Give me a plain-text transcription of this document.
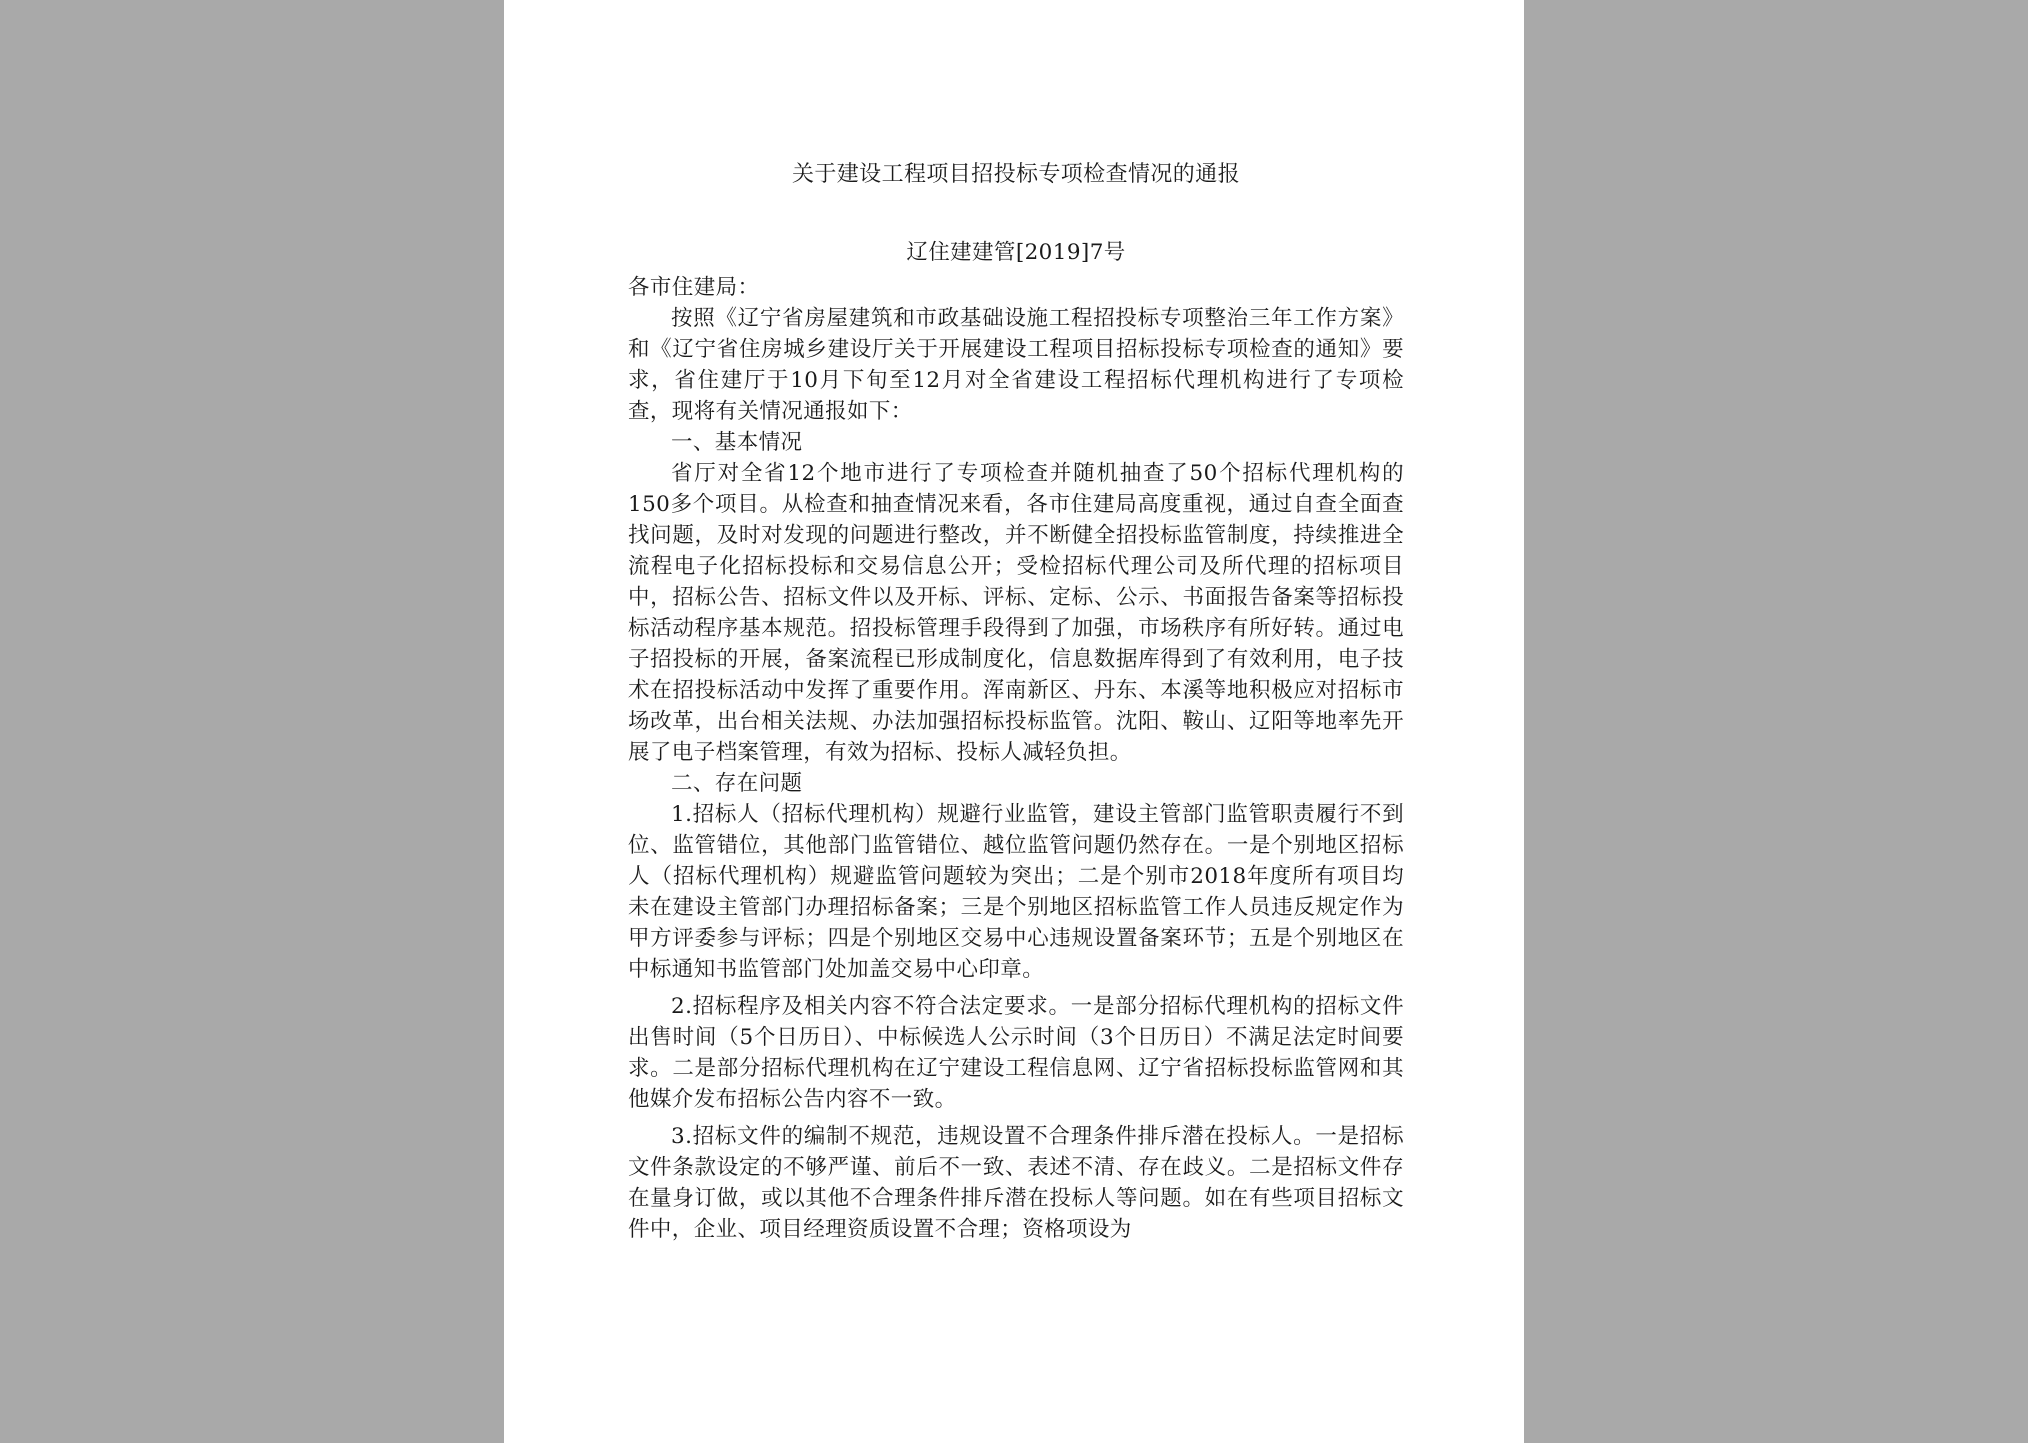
关于建设工程项目招投标专项检查情况的通报

辽住建建管[2019]7号

各市住建局：

按照《辽宁省房屋建筑和市政基础设施工程招投标专项整治三年工作方案》和《辽宁省住房城乡建设厅关于开展建设工程项目招标投标专项检查的通知》要求，省住建厅于10月下旬至12月对全省建设工程招标代理机构进行了专项检查，现将有关情况通报如下：

一、基本情况

省厅对全省12个地市进行了专项检查并随机抽查了50个招标代理机构的150多个项目。从检查和抽查情况来看，各市住建局高度重视，通过自查全面查找问题，及时对发现的问题进行整改，并不断健全招投标监管制度，持续推进全流程电子化招标投标和交易信息公开；受检招标代理公司及所代理的招标项目中，招标公告、招标文件以及开标、评标、定标、公示、书面报告备案等招标投标活动程序基本规范。招投标管理手段得到了加强，市场秩序有所好转。通过电子招投标的开展，备案流程已形成制度化，信息数据库得到了有效利用，电子技术在招投标活动中发挥了重要作用。浑南新区、丹东、本溪等地积极应对招标市场改革，出台相关法规、办法加强招标投标监管。沈阳、鞍山、辽阳等地率先开展了电子档案管理，有效为招标、投标人减轻负担。

二、存在问题

1.招标人（招标代理机构）规避行业监管，建设主管部门监管职责履行不到位、监管错位，其他部门监管错位、越位监管问题仍然存在。一是个别地区招标人（招标代理机构）规避监管问题较为突出；二是个别市2018年度所有项目均未在建设主管部门办理招标备案；三是个别地区招标监管工作人员违反规定作为甲方评委参与评标；四是个别地区交易中心违规设置备案环节；五是个别地区在中标通知书监管部门处加盖交易中心印章。

2.招标程序及相关内容不符合法定要求。一是部分招标代理机构的招标文件出售时间（5个日历日）、中标候选人公示时间（3个日历日）不满足法定时间要求。二是部分招标代理机构在辽宁建设工程信息网、辽宁省招标投标监管网和其他媒介发布招标公告内容不一致。

3.招标文件的编制不规范，违规设置不合理条件排斥潜在投标人。一是招标文件条款设定的不够严谨、前后不一致、表述不清、存在歧义。二是招标文件存在量身订做，或以其他不合理条件排斥潜在投标人等问题。如在有些项目招标文件中，企业、项目经理资质设置不合理；资格项设为
